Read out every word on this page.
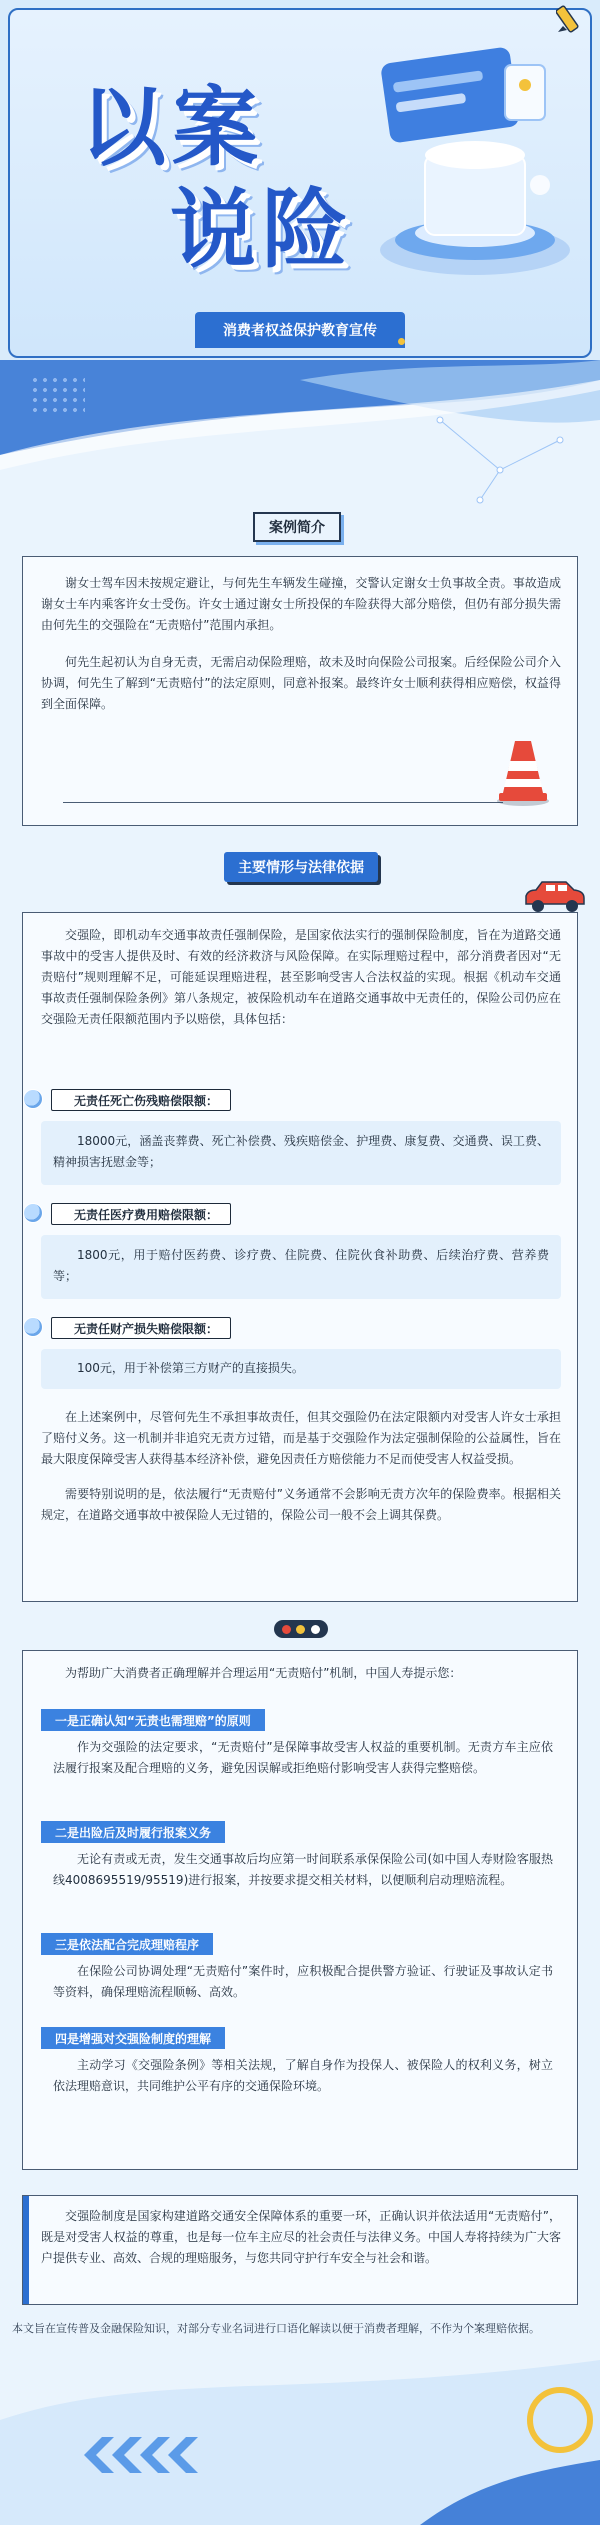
以案
说险
消费者权益保护教育宣传
案例简介

谢女士驾车因未按规定避让，与何先生车辆发生碰撞，交警认定谢女士负事故全责。事故造成谢女士车内乘客许女士受伤。许女士通过谢女士所投保的车险获得大部分赔偿，但仍有部分损失需由何先生的交强险在“无责赔付”范围内承担。

何先生起初认为自身无责，无需启动保险理赔，故未及时向保险公司报案。后经保险公司介入协调，何先生了解到“无责赔付”的法定原则，同意补报案。最终许女士顺利获得相应赔偿，权益得到全面保障。

主要情形与法律依据

交强险，即机动车交通事故责任强制保险，是国家依法实行的强制保险制度，旨在为道路交通事故中的受害人提供及时、有效的经济救济与风险保障。在实际理赔过程中，部分消费者因对“无责赔付”规则理解不足，可能延误理赔进程，甚至影响受害人合法权益的实现。根据《机动车交通事故责任强制保险条例》第八条规定，被保险机动车在道路交通事故中无责任的，保险公司仍应在交强险无责任限额范围内予以赔偿，具体包括：

无责任死亡伤残赔偿限额：

18000元，涵盖丧葬费、死亡补偿费、残疾赔偿金、护理费、康复费、交通费、误工费、精神损害抚慰金等；

无责任医疗费用赔偿限额：

1800元，用于赔付医药费、诊疗费、住院费、住院伙食补助费、后续治疗费、营养费等；

无责任财产损失赔偿限额：

100元，用于补偿第三方财产的直接损失。

在上述案例中，尽管何先生不承担事故责任，但其交强险仍在法定限额内对受害人许女士承担了赔付义务。这一机制并非追究无责方过错，而是基于交强险作为法定强制保险的公益属性，旨在最大限度保障受害人获得基本经济补偿，避免因责任方赔偿能力不足而使受害人权益受损。

需要特别说明的是，依法履行“无责赔付”义务通常不会影响无责方次年的保险费率。根据相关规定，在道路交通事故中被保险人无过错的，保险公司一般不会上调其保费。

为帮助广大消费者正确理解并合理运用“无责赔付”机制，中国人寿提示您：

一是正确认知“无责也需理赔”的原则

作为交强险的法定要求，“无责赔付”是保障事故受害人权益的重要机制。无责方车主应依法履行报案及配合理赔的义务，避免因误解或拒绝赔付影响受害人获得完整赔偿。

二是出险后及时履行报案义务

无论有责或无责，发生交通事故后均应第一时间联系承保保险公司(如中国人寿财险客服热线4008695519/95519)进行报案，并按要求提交相关材料，以便顺利启动理赔流程。

三是依法配合完成理赔程序

在保险公司协调处理“无责赔付”案件时，应积极配合提供警方验证、行驶证及事故认定书等资料，确保理赔流程顺畅、高效。

四是增强对交强险制度的理解

主动学习《交强险条例》等相关法规，了解自身作为投保人、被保险人的权利义务，树立依法理赔意识，共同维护公平有序的交通保险环境。

交强险制度是国家构建道路交通安全保障体系的重要一环，正确认识并依法适用“无责赔付”，既是对受害人权益的尊重，也是每一位车主应尽的社会责任与法律义务。中国人寿将持续为广大客户提供专业、高效、合规的理赔服务，与您共同守护行车安全与社会和谐。

本文旨在宣传普及金融保险知识，对部分专业名词进行口语化解读以便于消费者理解，不作为个案理赔依据。
